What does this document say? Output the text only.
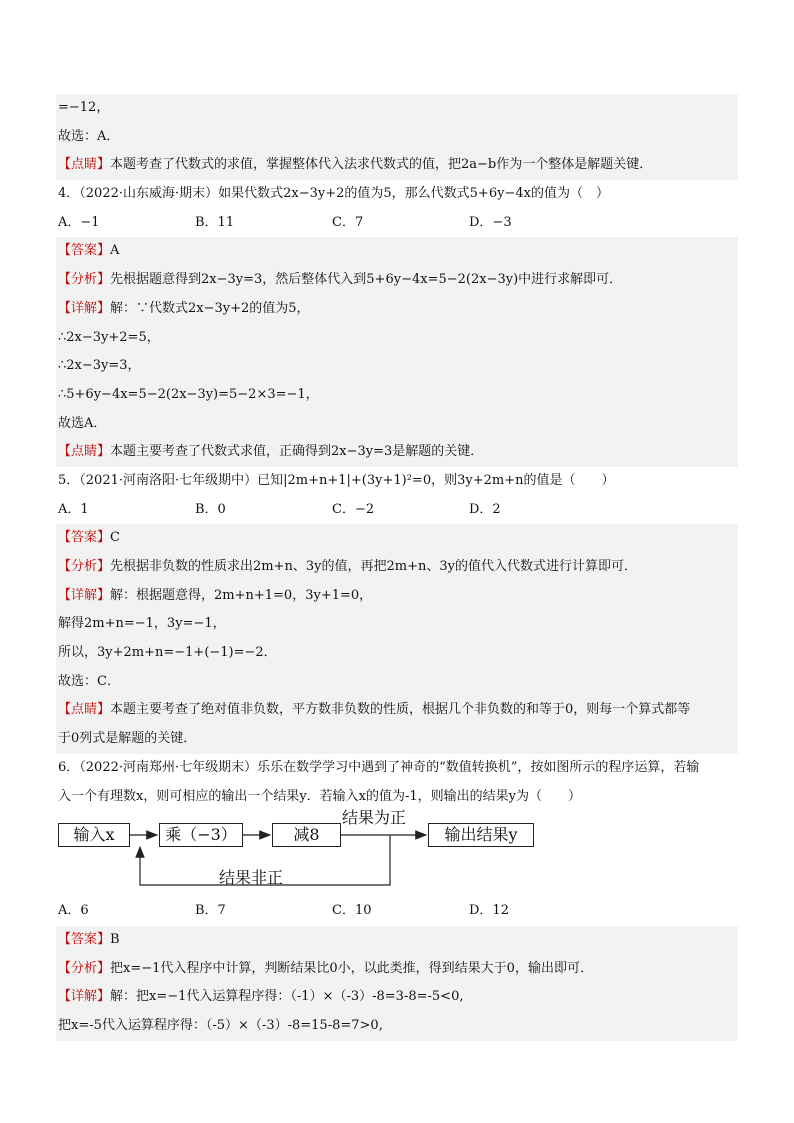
=−12，
故选：A．
【点睛】本题考查了代数式的求值，掌握整体代入法求代数式的值，把2a−b作为一个整体是解题关键．
4．（2022·山东威海·期末）如果代数式2x−3y+2的值为5，那么代数式5+6y−4x的值为（　）
A．−1	B．11	C．7	D．−3
【答案】A
【分析】先根据题意得到2x−3y=3，然后整体代入到5+6y−4x=5−2(2x−3y)中进行求解即可．
【详解】解：∵代数式2x−3y+2的值为5，
∴2x−3y+2=5，
∴2x−3y=3，
∴5+6y−4x=5−2(2x−3y)=5−2×3=−1，
故选A．
【点睛】本题主要考查了代数式求值，正确得到2x−3y=3是解题的关键．
5．（2021·河南洛阳·七年级期中）已知|2m+n+1|+(3y+1)²=0，则3y+2m+n的值是（　　）
A．1	B．0	C．−2	D．2
【答案】C
【分析】先根据非负数的性质求出2m+n、3y的值，再把2m+n、3y的值代入代数式进行计算即可．
【详解】解：根据题意得，2m+n+1=0，3y+1=0，
解得2m+n=−1，3y=−1，
所以，3y+2m+n=−1+(−1)=−2．
故选：C．
【点睛】本题主要考查了绝对值非负数，平方数非负数的性质，根据几个非负数的和等于0，则每一个算式都等
于0列式是解题的关键．
6．（2022·河南郑州·七年级期末）乐乐在数学学习中遇到了神奇的“数值转换机”，按如图所示的程序运算，若输
入一个有理数x，则可相应的输出一个结果y．若输入x的值为-1，则输出的结果y为（　　）
输入x	乘（−3）	减8
结果为正
输出结果y
结果非正
A．6	B．7	C．10	D．12
【答案】B
【分析】把x=−1代入程序中计算，判断结果比0小，以此类推，得到结果大于0，输出即可．
【详解】解：把x=−1代入运算程序得：（-1）×（-3）-8=3-8=-5<0,
把x=-5代入运算程序得：（-5）×（-3）-8=15-8=7>0,
